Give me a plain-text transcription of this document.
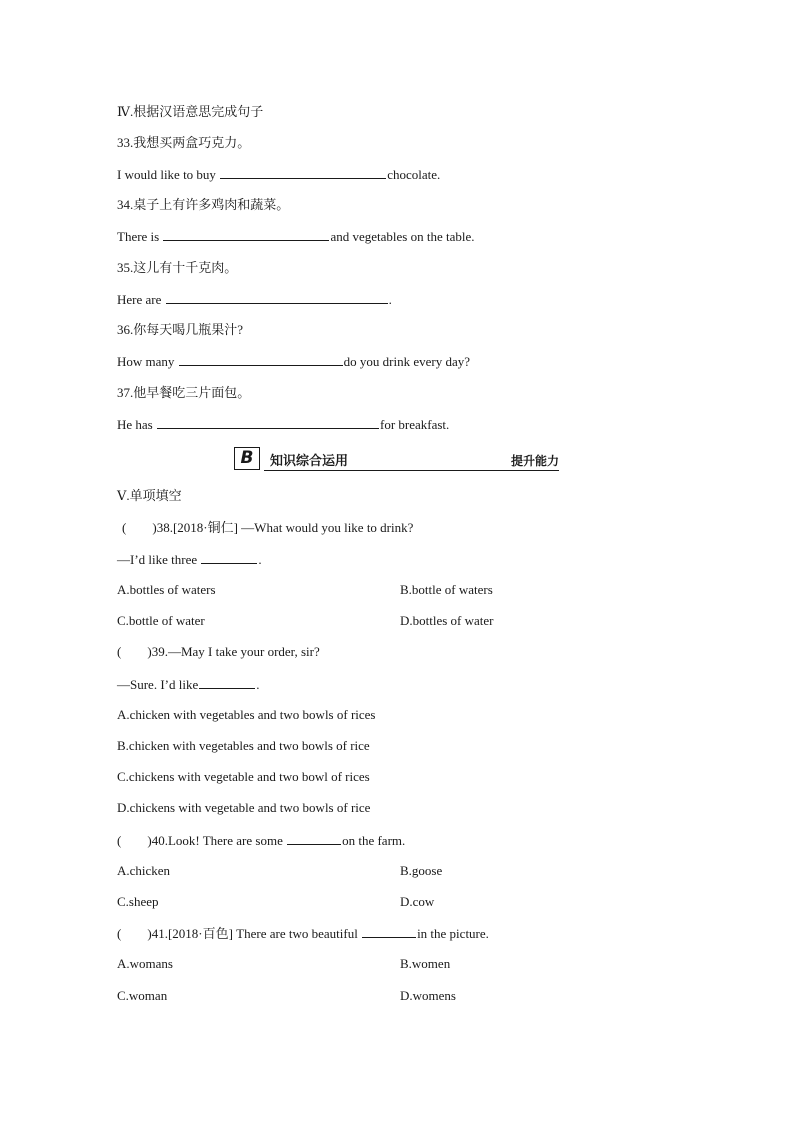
Ⅳ.根据汉语意思完成句子
33.我想买两盒巧克力。
I would like to buy	chocolate.
34.桌子上有许多鸡肉和蔬菜。
There is	and vegetables on the table.
35.这儿有十千克肉。
Here are	.
36.你每天喝几瓶果汁?
How many	do you drink every day?
37.他早餐吃三片面包。
He has	for breakfast.
B	知识综合运用	提升能力
Ⅴ.单项填空
( )38.[2018·铜仁] —What would you like to drink?
—I’d like three	.
A.bottles of waters	B.bottle of waters
C.bottle of water	D.bottles of water
( )39.—May I take your order, sir?
—Sure. I’d like	.
A.chicken with vegetables and two bowls of rices
B.chicken with vegetables and two bowls of rice
C.chickens with vegetable and two bowl of rices
D.chickens with vegetable and two bowls of rice
( )40.Look! There are some	on the farm.
A.chicken	B.goose
C.sheep	D.cow
( )41.[2018·百色] There are two beautiful	in the picture.
A.womans	B.women
C.woman	D.womens
